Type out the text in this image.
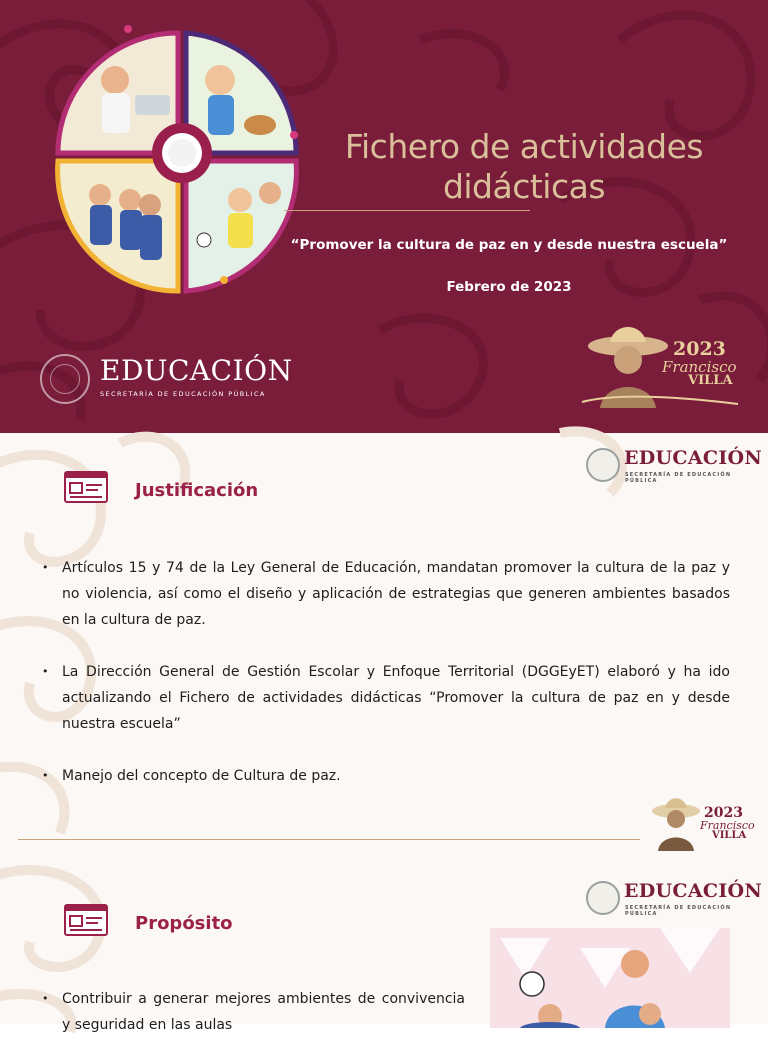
Fichero de actividades
didácticas
“Promover la cultura de paz en y desde nuestra escuela”
Febrero de 2023
EDUCACIÓN
SECRETARÍA DE EDUCACIÓN PÚBLICA
2023
Francisco
VILLA
EDUCACIÓN
SECRETARÍA DE EDUCACIÓN PÚBLICA
Justificación
• Artículos 15 y 74 de la Ley General de Educación, mandatan promover la cultura de la paz y no violencia, así como el diseño y aplicación de estrategias que generen ambientes basados en la cultura de paz.
• La Dirección General de Gestión Escolar y Enfoque Territorial (DGGEyET) elaboró y ha ido actualizando el Fichero de actividades didácticas “Promover la cultura de paz en y desde nuestra escuela”
• Manejo del concepto de Cultura de paz.
2023
Francisco
VILLA
EDUCACIÓN
SECRETARÍA DE EDUCACIÓN PÚBLICA
Propósito
• Contribuir a generar mejores ambientes de convivencia y seguridad en las aulas
